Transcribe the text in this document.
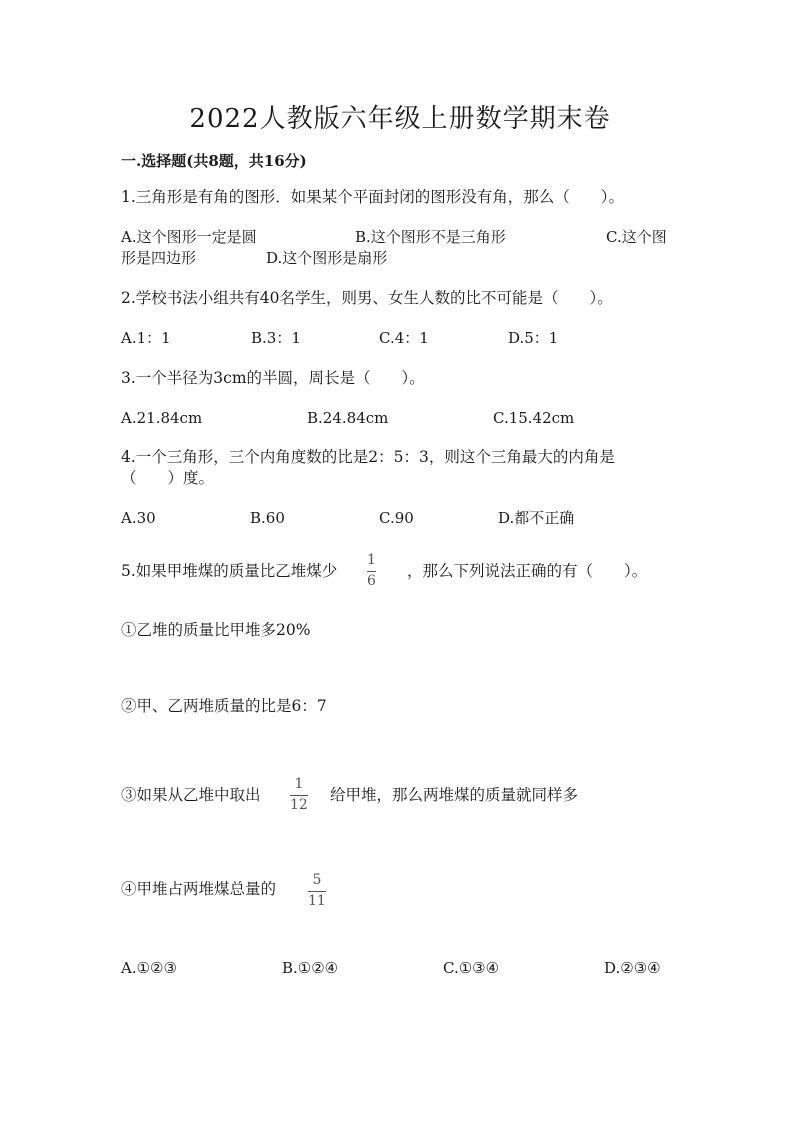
2022人教版六年级上册数学期末卷
一.选择题(共8题，共16分)
1.三角形是有角的图形．如果某个平面封闭的图形没有角，那么（　　）。
A.这个图形一定是圆	B.这个图形不是三角形	C.这个图
形是四边形	D.这个图形是扇形
2.学校书法小组共有40名学生，则男、女生人数的比不可能是（　　）。
A.1：1	B.3：1	C.4：1	D.5：1
3.一个半径为3cm的半圆，周长是（　　）。
A.21.84cm	B.24.84cm	C.15.42cm
4.一个三角形，三个内角度数的比是2：5：3，则这个三角最大的内角是
（　　）度。
A.30	B.60	C.90	D.都不正确
5.如果甲堆煤的质量比乙堆煤少
1
6
，那么下列说法正确的有（　　）。
①乙堆的质量比甲堆多20%
②甲、乙两堆质量的比是6：7
③如果从乙堆中取出
1
12
给甲堆，那么两堆煤的质量就同样多
④甲堆占两堆煤总量的	5
11
A.①②③	B.①②④	C.①③④	D.②③④
